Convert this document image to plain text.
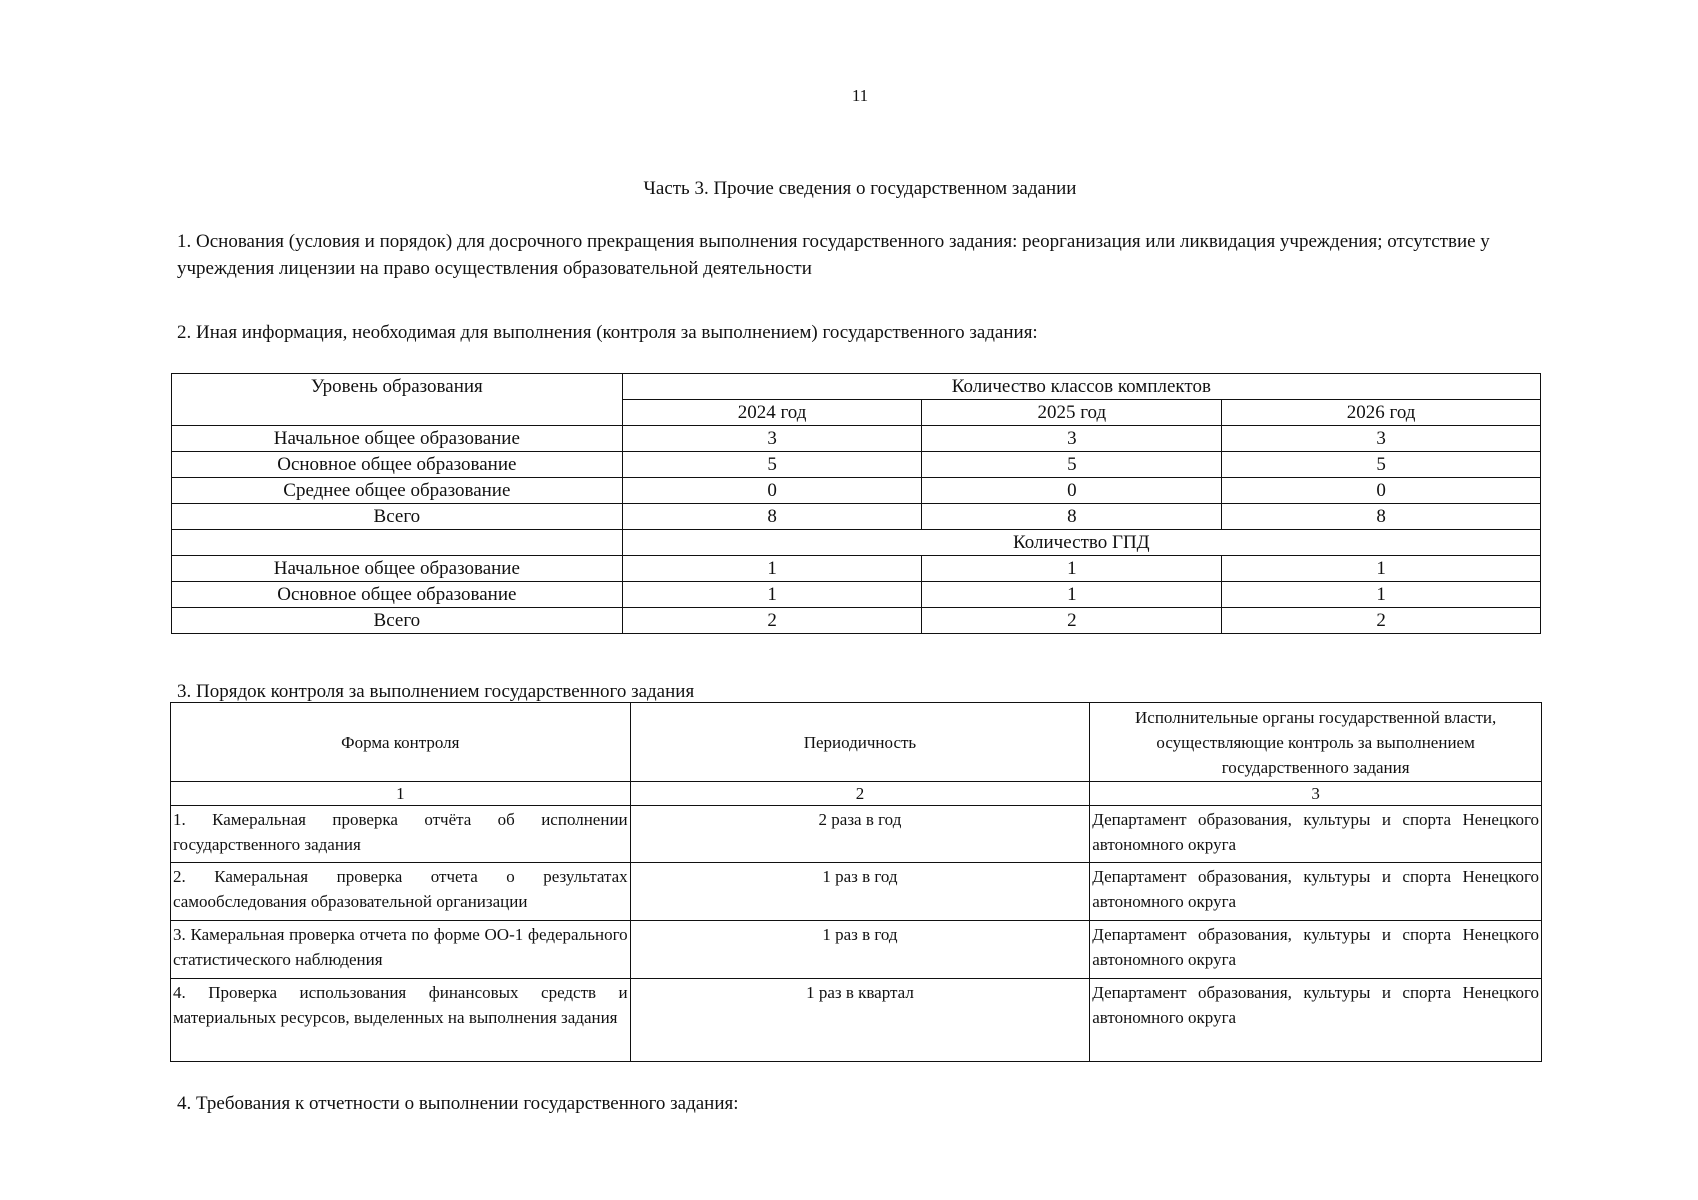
11
Часть 3. Прочие сведения о государственном задании
1. Основания (условия и порядок) для досрочного прекращения выполнения государственного задания: реорганизация или ликвидация учреждения; отсутствие у учреждения лицензии на право осуществления образовательной деятельности
2. Иная информация, необходимая для выполнения (контроля за выполнением) государственного задания:
Уровень образования	Количество классов комплектов		
	2024 год	2025 год	2026 год
Начальное общее образование	3	3	3
Основное общее образование	5	5	5
Среднее общее образование	0	0	0
Всего	8	8	8
	Количество ГПД		
Начальное общее образование	1	1	1
Основное общее образование	1	1	1
Всего	2	2	2
3. Порядок контроля за выполнением государственного задания
Форма контроля	Периодичность	Исполнительные органы государственной власти, осуществляющие контроль за выполнением государственного задания
1	2	3
1. Камеральная проверка отчёта об исполнении государственного задания	2 раза в год	Департамент образования, культуры и спорта Ненецкого автономного округа
2. Камеральная проверка отчета о результатах самообследования образовательной организации	1 раз в год	Департамент образования, культуры и спорта Ненецкого автономного округа
3. Камеральная проверка отчета по форме ОО-1 федерального статистического наблюдения	1 раз в год	Департамент образования, культуры и спорта Ненецкого автономного округа
4. Проверка использования финансовых средств и материальных ресурсов, выделенных на выполнения задания	1 раз в квартал	Департамент образования, культуры и спорта Ненецкого автономного округа
4. Требования к отчетности о выполнении государственного задания:
